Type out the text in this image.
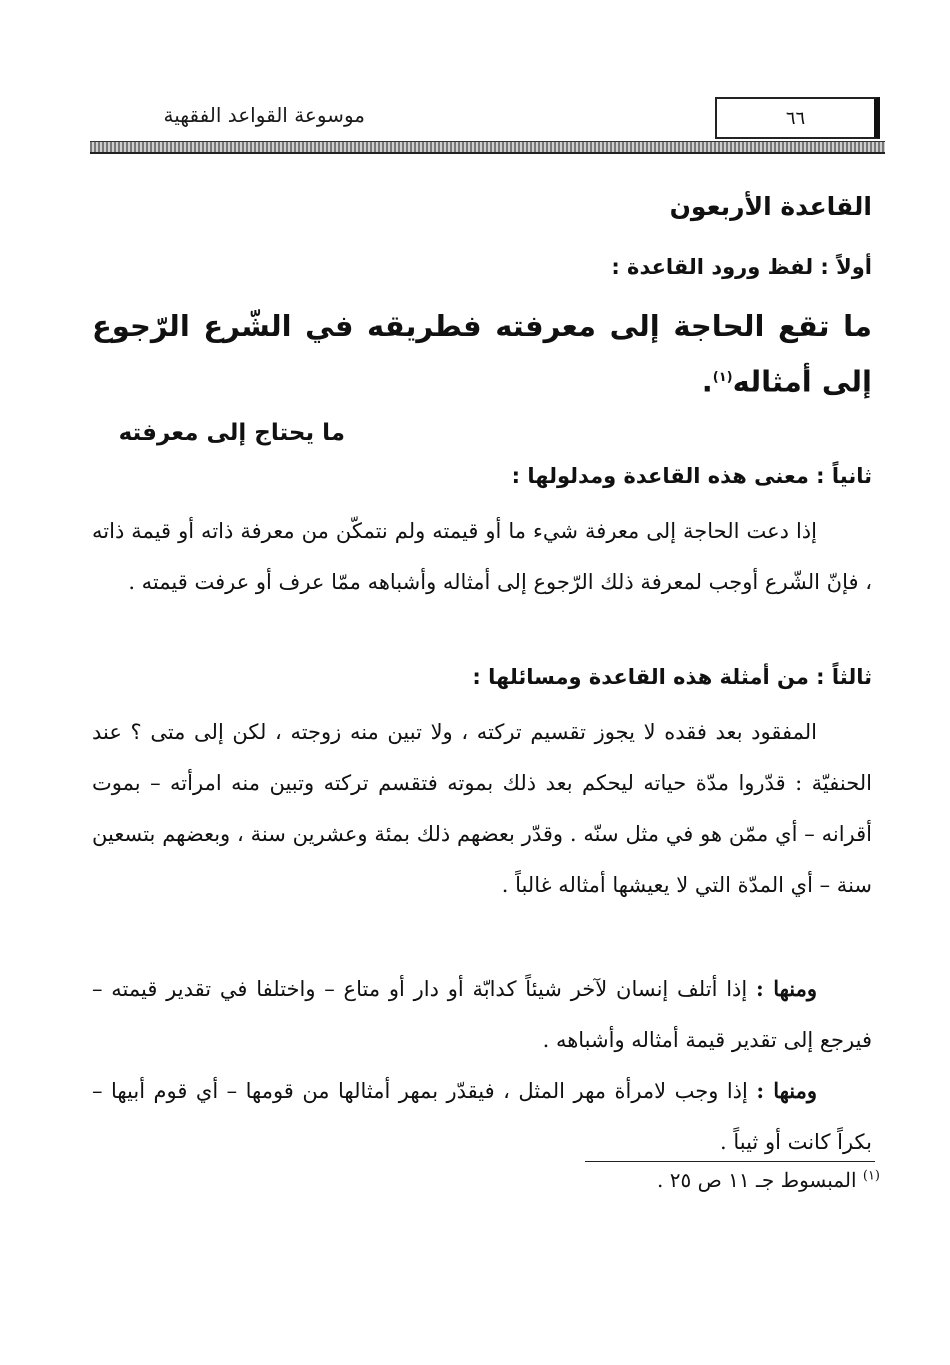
٦٦
موسوعة القواعد الفقهية
القاعدة الأربعون
أولاً : لفظ ورود القاعدة :
ما تقع الحاجة إلى معرفته فطريقه في الشّرع الرّجوع إلى أمثاله$^{(١)}$.
ما يحتاج إلى معرفته
ثانياً : معنى هذه القاعدة ومدلولها :
إذا دعت الحاجة إلى معرفة شيء ما أو قيمته ولم نتمكّن من معرفة ذاته أو قيمة ذاته ، فإنّ الشّرع أوجب لمعرفة ذلك الرّجوع إلى أمثاله وأشباهه ممّا عرف أو عرفت قيمته .
ثالثاً : من أمثلة هذه القاعدة ومسائلها :
المفقود بعد فقده لا يجوز تقسيم تركته ، ولا تبين منه زوجته ، لكن إلى متى ؟ عند الحنفيّة : قدّروا مدّة حياته ليحكم بعد ذلك بموته فتقسم تركته وتبين منه امرأته – بموت أقرانه – أي ممّن هو في مثل سنّه . وقدّر بعضهم ذلك بمئة وعشرين سنة ، وبعضهم بتسعين سنة – أي المدّة التي لا يعيشها أمثاله غالباً .
ومنها : إذا أتلف إنسان لآخر شيئاً كدابّة أو دار أو متاع – واختلفا في تقدير قيمته – فيرجع إلى تقدير قيمة أمثاله وأشباهه .
ومنها : إذا وجب لامرأة مهر المثل ، فيقدّر بمهر أمثالها من قومها – أي قوم أبيها – بكراً كانت أو ثيباً .
$^{(١)}$ المبسوط جـ ١١ ص ٢٥ .
